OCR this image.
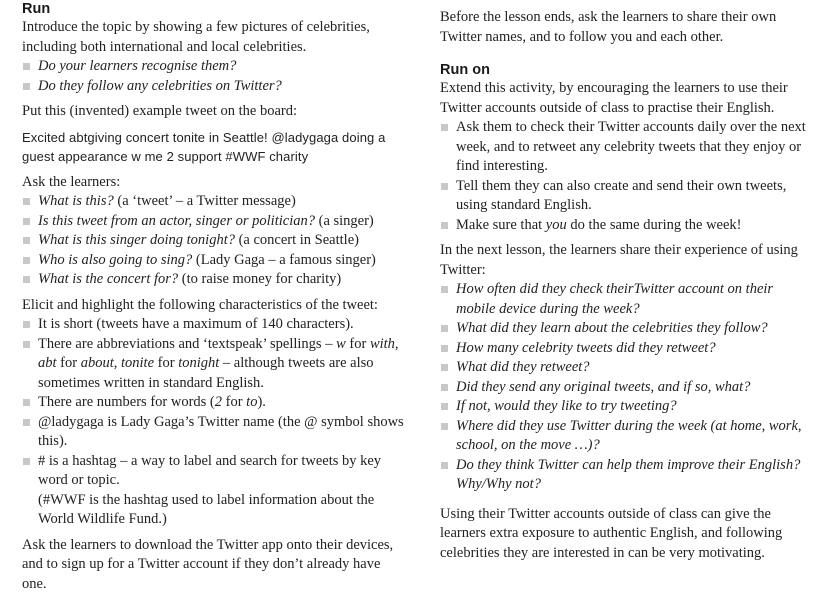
Run

Introduce the topic by showing a few pictures of celebrities, including both international and local celebrities.

Do your learners recognise them?
Do they follow any celebrities on Twitter?

Put this (invented) example tweet on the board:

Excited abtgiving concert tonite in Seattle! @ladygaga doing a guest appearance w me 2 support #WWF charity

Ask the learners:

What is this? (a ‘tweet’ – a Twitter message)
Is this tweet from an actor, singer or politician? (a singer)
What is this singer doing tonight? (a concert in Seattle)
Who is also going to sing? (Lady Gaga – a famous singer)
What is the concert for? (to raise money for charity)

Elicit and highlight the following characteristics of the tweet:

It is short (tweets have a maximum of 140 characters).
There are abbreviations and ‘textspeak’ spellings – w for with, abt for about, tonite for tonight – although tweets are also sometimes written in standard English.
There are numbers for words (2 for to).
@ladygaga is Lady Gaga’s Twitter name (the @ symbol shows this).
# is a hashtag – a way to label and search for tweets by key word or topic.
(#WWF is the hashtag used to label information about the World Wildlife Fund.)

Ask the learners to download the Twitter app onto their devices, and to sign up for a Twitter account if they don’t already have one.

Before the lesson ends, ask the learners to share their own Twitter names, and to follow you and each other.

Run on

Extend this activity, by encouraging the learners to use their Twitter accounts outside of class to practise their English.

Ask them to check their Twitter accounts daily over the next week, and to retweet any celebrity tweets that they enjoy or find interesting.
Tell them they can also create and send their own tweets, using standard English.
Make sure that you do the same during the week!

In the next lesson, the learners share their experience of using Twitter:

How often did they check theirTwitter account on their mobile device during the week?
What did they learn about the celebrities they follow?
How many celebrity tweets did they retweet?
What did they retweet?
Did they send any original tweets, and if so, what?
If not, would they like to try tweeting?
Where did they use Twitter during the week (at home, work, school, on the move …)?
Do they think Twitter can help them improve their English? Why/Why not?

Using their Twitter accounts outside of class can give the learners extra exposure to authentic English, and following celebrities they are interested in can be very motivating.
